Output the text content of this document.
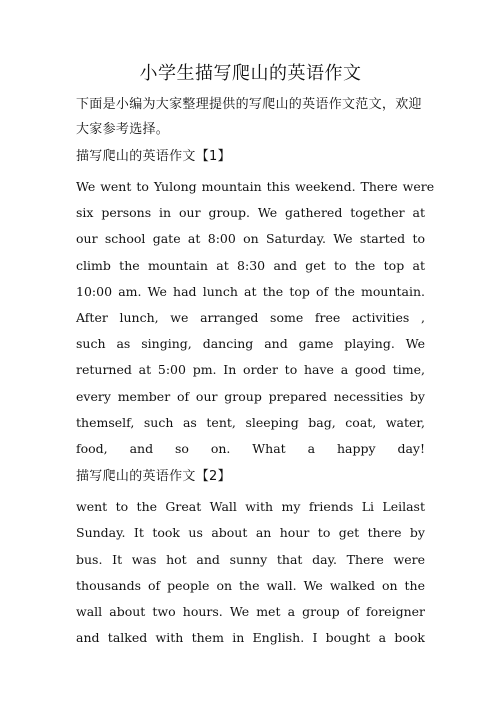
小学生描写爬山的英语作文

下面是小编为大家整理提供的写爬山的英语作文范文，欢迎大家参考选择。

描写爬山的英语作文【1】
We went to Yulong mountain this weekend. There were
six persons in our group. We gathered together at
our school gate at 8:00 on Saturday. We started to
climb the mountain at 8:30 and get to the top at
10:00 am. We had lunch at the top of the mountain.
After lunch, we arranged some free activities ,
such as singing, dancing and game playing. We
returned at 5:00 pm. In order to have a good time,
every member of our group prepared necessities by
themself, such as tent, sleeping bag, coat, water,
food, and so on. What a happy day!
描写爬山的英语作文【2】
went to the Great Wall with my friends Li Leilast
Sunday. It took us about an hour to get there by
bus. It was hot and sunny that day. There were
thousands of people on the wall. We walked on the
wall about two hours. We met a group of foreigner
and talked with them in English. I bought a book
